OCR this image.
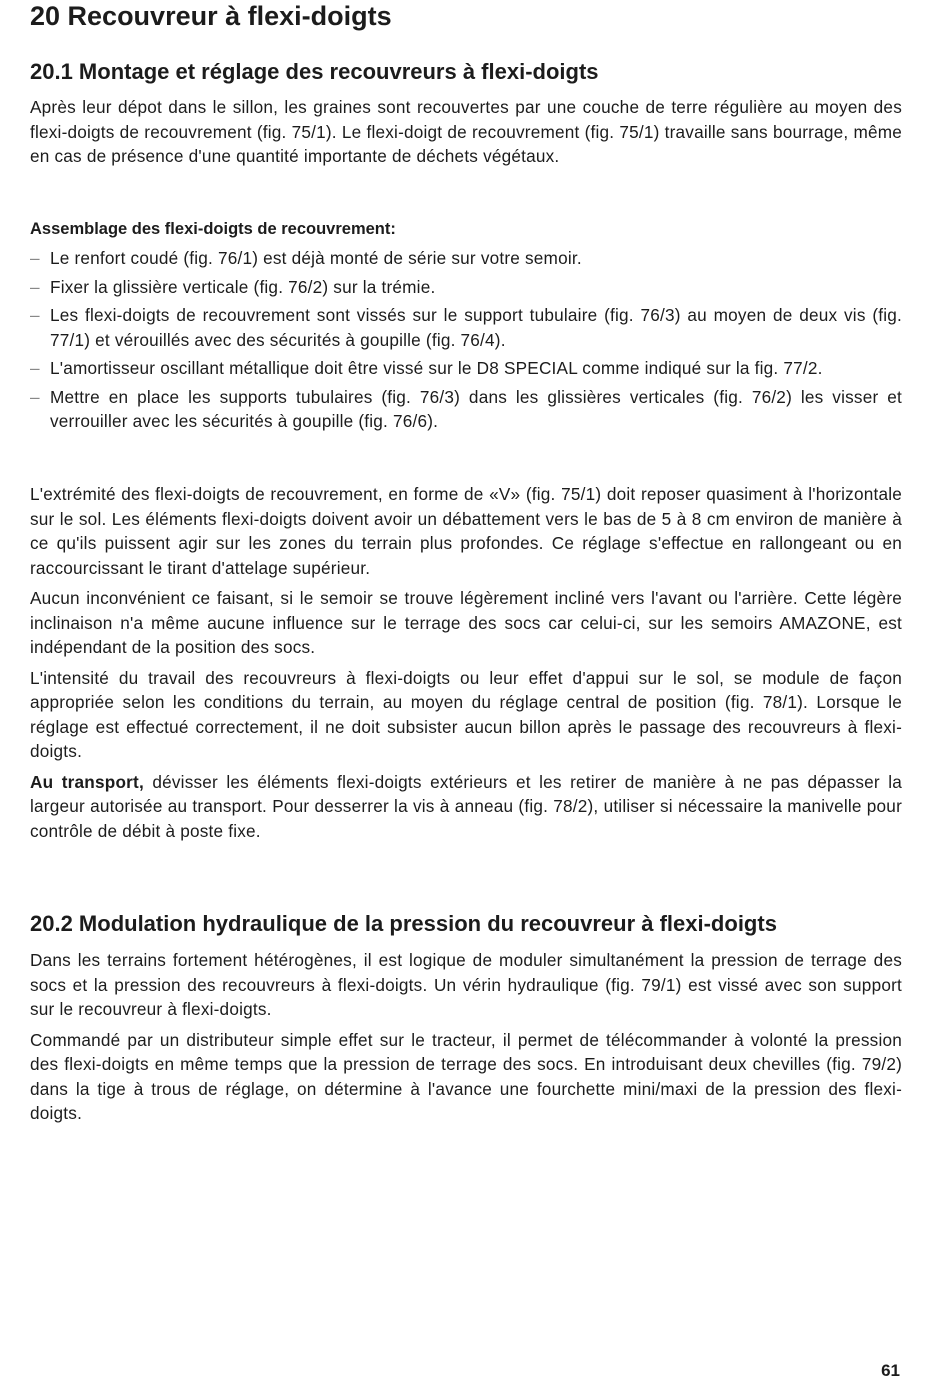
20 Recouvreur à flexi-doigts
20.1 Montage et réglage des recouvreurs à flexi-doigts

Après leur dépot dans le sillon, les graines sont recouvertes par une couche de terre régulière au moyen des flexi-doigts de recouvrement (fig. 75/1). Le flexi-doigt de recouvrement (fig. 75/1) travaille sans bourrage, même en cas de présence d'une quantité importante de déchets végétaux.

Assemblage des flexi-doigts de recouvrement:
– Le renfort coudé (fig. 76/1) est déjà monté de série sur votre semoir.
– Fixer la glissière verticale (fig. 76/2) sur la trémie.
– Les flexi-doigts de recouvrement sont vissés sur le support tubulaire (fig. 76/3) au moyen de deux vis (fig. 77/1) et vérouillés avec des sécurités à goupille (fig. 76/4).
– L'amortisseur oscillant métallique doit être vissé sur le D8 SPECIAL comme indiqué sur la fig. 77/2.
– Mettre en place les supports tubulaires (fig. 76/3) dans les glissières verticales (fig. 76/2) les visser et verrouiller avec les sécurités à goupille (fig. 76/6).

L'extrémité des flexi-doigts de recouvrement, en forme de «V» (fig. 75/1) doit reposer quasiment à l'horizontale sur le sol. Les éléments flexi-doigts doivent avoir un débattement vers le bas de 5 à 8 cm environ de manière à ce qu'ils puissent agir sur les zones du terrain plus profondes. Ce réglage s'effectue en rallongeant ou en raccourcissant le tirant d'attelage supérieur.

Aucun inconvénient ce faisant, si le semoir se trouve légèrement incliné vers l'avant ou l'arrière. Cette légère inclinaison n'a même aucune influence sur le terrage des socs car celui-ci, sur les semoirs AMAZONE, est indépendant de la position des socs.

L'intensité du travail des recouvreurs à flexi-doigts ou leur effet d'appui sur le sol, se module de façon appropriée selon les conditions du terrain, au moyen du réglage central de position (fig. 78/1). Lorsque le réglage est effectué correctement, il ne doit subsister aucun billon après le passage des recouvreurs à flexi-doigts.

Au transport, dévisser les éléments flexi-doigts extérieurs et les retirer de manière à ne pas dépasser la largeur autorisée au transport. Pour desserrer la vis à anneau (fig. 78/2), utiliser si nécessaire la manivelle pour contrôle de débit à poste fixe.

20.2 Modulation hydraulique de la pression du recouvreur à flexi-doigts

Dans les terrains fortement hétérogènes, il est logique de moduler simultanément la pression de terrage des socs et la pression des recouvreurs à flexi-doigts. Un vérin hydraulique (fig. 79/1) est vissé avec son support sur le recouvreur à flexi-doigts.

Commandé par un distributeur simple effet sur le tracteur, il permet de télécommander à volonté la pression des flexi-doigts en même temps que la pression de terrage des socs. En introduisant deux chevilles (fig. 79/2) dans la tige à trous de réglage, on détermine à l'avance une fourchette mini/maxi de la pression des flexi-doigts.

61
